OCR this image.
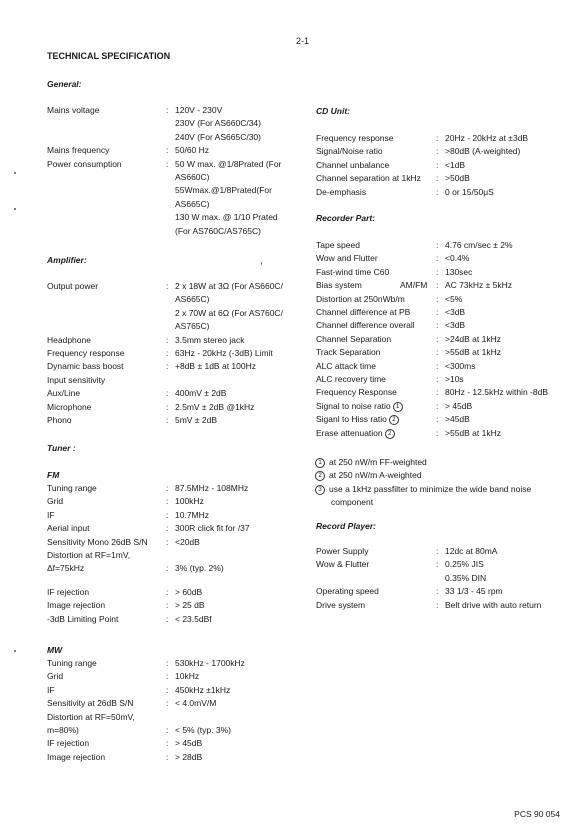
2-1
TECHNICAL SPECIFICATION
General:
Mains voltage	: 120V - 230V
230V (For AS660C/34)
240V (For AS665C/30)
Mains frequency	: 50/60 Hz
Power consumption	: 50 W max. @1/8Prated (For
AS660C)
55Wmax.@1/8Prated(For
AS665C)
130 W max. @ 1/10 Prated
(For AS760C/AS765C)
Amplifier:
Output power	: 2 x 18W at 3Ω (For AS660C/
AS665C)
2 x 70W at 6Ω (For AS760C/
AS765C)
Headphone	: 3.5mm stereo jack
Frequency response	: 63Hz - 20kHz (-3dB) Limit
Dynamic bass boost	: +8dB ± 1dB at 100Hz
Input sensitivity
Aux/Line	: 400mV ± 2dB
Microphone	: 2.5mV ± 2dB @1kHz
Phono	: 5mV ± 2dB
Tuner :
FM
Tuning range	: 87.5MHz - 108MHz
Grid	: 100kHz
IF	: 10.7MHz
Aerial input	: 300R click fit for /37
Sensitivity Mono 26dB S/N : <20dB
Distortion at RF=1mV,
Δf=75kHz	: 3% (typ. 2%)
IF rejection	: > 60dB
Image rejection	: > 25 dB
-3dB Limiting Point	: < 23.5dBf
MW
Tuning range	: 530kHz - 1700kHz
Grid	: 10kHz
IF	: 450kHz ±1kHz
Sensitivity at 26dB S/N	: < 4.0mV/M
Distortion at RF=50mV,
m=80%)	: < 5% (typ. 3%)
IF rejection	: > 45dB
Image rejection	: > 28dB
CD Unit:
Frequency response	: 20Hz - 20kHz at ±3dB
Signal/Noise ratio	: >80dB (A-weighted)
Channel unbalance	: <1dB
Channel separation at 1kHz : >50dB
De-emphasis	: 0 or 15/50μS
Recorder Part:
Tape speed	: 4.76 cm/sec ± 2%
Wow and Flutter	: <0.4%
Fast-wind time C60	: 130sec
Bias system	AM/FM : AC 73kHz ± 5kHz
Distortion at 250nWb/m	: <5%
Channel difference at PB	: <3dB
Channel difference overall	: <3dB
Channel Separation	: >24dB at 1kHz
Track Separation	: >55dB at 1kHz
ALC attack time	: <300ms
ALC recovery time	: >10s
Frequency Response	: 80Hz - 12.5kHz within -8dB
Signal to noise ratio 1	: > 45dB
Siganl to Hiss ratio 2	: >45dB
Erase attenuation 2	: >55dB at 1kHz
1 at 250 nW/m FF-weighted
2 at 250 nW/m A-weighted
3 use a 1kHz passfilter to minimize the wide band noise
component
Record Player:
Power Supply	: 12dc at 80mA
Wow & Flutter	: 0.25% JIS
0.35% DIN
Operating speed	: 33 1/3 - 45 rpm
Drive system	: Belt drive with auto return
PCS 90 054
